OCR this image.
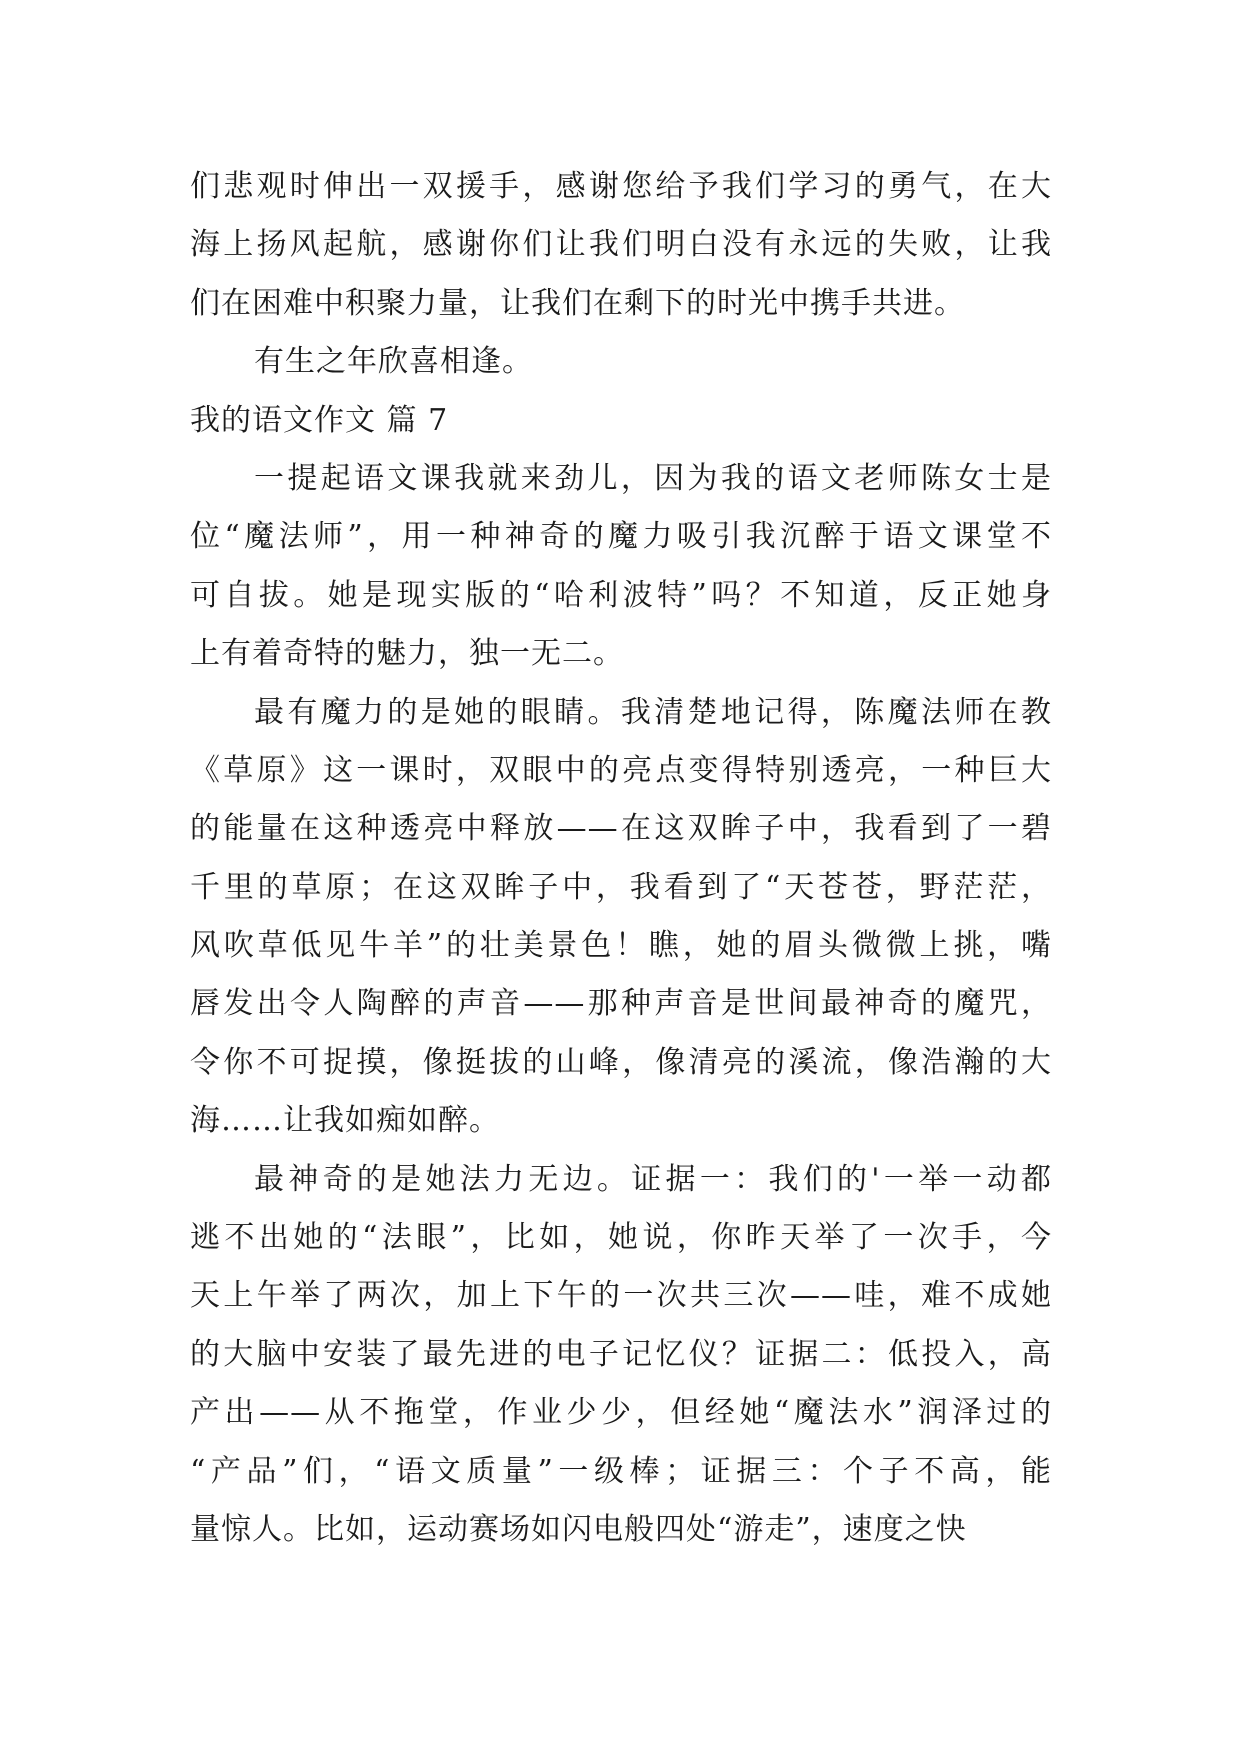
们悲观时伸出一双援手，感谢您给予我们学习的勇气，在大
海上扬风起航，感谢你们让我们明白没有永远的失败，让我
们在困难中积聚力量，让我们在剩下的时光中携手共进。
有生之年欣喜相逢。
我的语文作文 篇 7
一提起语文课我就来劲儿，因为我的语文老师陈女士是
位“魔法师”，用一种神奇的魔力吸引我沉醉于语文课堂不
可自拔。她是现实版的“哈利波特”吗？不知道，反正她身
上有着奇特的魅力，独一无二。
最有魔力的是她的眼睛。我清楚地记得，陈魔法师在教
《草原》这一课时，双眼中的亮点变得特别透亮，一种巨大
的能量在这种透亮中释放——在这双眸子中，我看到了一碧
千里的草原；在这双眸子中，我看到了“天苍苍，野茫茫，
风吹草低见牛羊”的壮美景色！瞧，她的眉头微微上挑，嘴
唇发出令人陶醉的声音——那种声音是世间最神奇的魔咒，
令你不可捉摸，像挺拔的山峰，像清亮的溪流，像浩瀚的大
海……让我如痴如醉。
最神奇的是她法力无边。证据一：我们的'一举一动都
逃不出她的“法眼”，比如，她说，你昨天举了一次手，今
天上午举了两次，加上下午的一次共三次——哇，难不成她
的大脑中安装了最先进的电子记忆仪？证据二：低投入，高
产出——从不拖堂，作业少少，但经她“魔法水”润泽过的
“产品”们，“语文质量”一级棒；证据三：个子不高，能
量惊人。比如，运动赛场如闪电般四处“游走”，速度之快
